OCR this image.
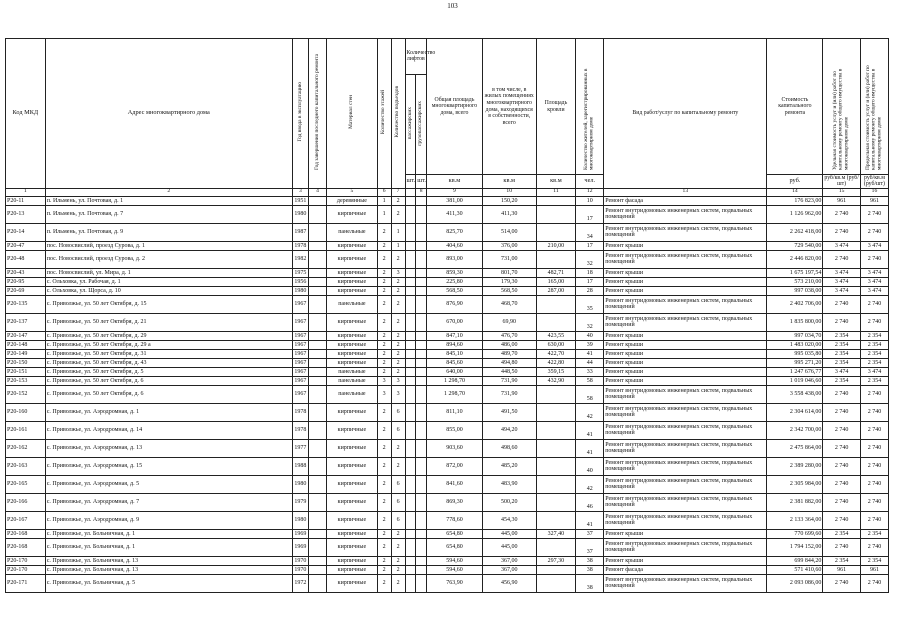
103
Код МКД	Адрес многоквартирного дома	Год ввода в эксплуатацию	Год завершения последнего капитального ремонта	Материал стен	Количество этажей	Количество подъездов	Количество лифтов		Общая площадь многоквартирного дома, всего	в том числе, в жилых помещениях многоквартирного дома, находящихся в собственности, всего	Площадь кровли	Количество жителей, зарегистрированных в многоквартирном доме	Вид работ/услуг по капитальному ремонту	Стоимость капитального ремонта	Удельная стоимость услуг и (или) работ по капитальному ремонту общего имущества в многоквартирном доме	Предельная стоимость услуг и (или) работ по капитальному ремонту общего имущества в многоквартирном доме
							пассажирских	грузопассажирских								
							шт.	шт.	кв.м	кв.м	кв.м	чел.		руб.	руб/кв.м (руб/шт)	руб/кв.м (руб/шт)
1	2	3	4	5	6	7		8	9	10	11	12	13	14	15	16
Р20-11	п. Ильмень, ул. Почтовая, д. 1	1951		деревянные	1	2			381,00	150,20		10	Ремонт фасада	176 823,00	961	961
Р20-13	п. Ильмень, ул. Почтовая, д. 7	1980		кирпичные	1	2			411,30	411,30		17	Ремонт внутридомовых инженерных систем, подвальных помещений	1 126 962,00	2 740	2 740
Р20-14	п. Ильмень, ул. Почтовая, д. 9	1987		панельные	2	1			825,70	514,00		34	Ремонт внутридомовых инженерных систем, подвальных помещений	2 262 418,00	2 740	2 740
Р20-47	пос. Новосвислий, проезд Сурова, д. 1	1978		кирпичные	2	1			404,60	376,00	210,00	17	Ремонт крыши	729 540,00	3 474	3 474
Р20-48	пос. Новосвислий, проезд Сурова, д. 2	1982		кирпичные	2	2			893,00	731,00		32	Ремонт внутридомовых инженерных систем, подвальных помещений	2 446 820,00	2 740	2 740
Р20-43	пос. Новосвислий, ул. Мира, д. 1	1975		кирпичные	2	3			859,30	801,70	482,71	18	Ремонт крыши	1 675 197,54	3 474	3 474
Р20-95	с. Ольховка, ул. Рабочая, д. 1	1956		кирпичные	2	2			225,80	179,30	165,00	17	Ремонт крыши	573 210,00	3 474	3 474
Р20-69	с. Ольховка, ул. Щорса, д. 10	1980		кирпичные	2	2			568,50	568,50	287,00	28	Ремонт крыши	997 038,00	3 474	3 474
Р20-135	с. Приволжье, ул. 50 лет Октября, д. 15	1967		панельные	2	2			876,90	468,70		35	Ремонт внутридомовых инженерных систем, подвальных помещений	2 402 706,00	2 740	2 740
Р20-137	с. Приволжье, ул. 50 лет Октября, д. 21	1967		кирпичные	2	2			670,00	69,90		32	Ремонт внутридомовых инженерных систем, подвальных помещений	1 835 800,00	2 740	2 740
Р20-147	с. Приволжье, ул. 50 лет Октября, д. 29	1967		кирпичные	2	2			847,10	476,70	423,55	40	Ремонт крыши	997 034,70	2 354	2 354
Р20-148	с. Приволжье, ул. 50 лет Октября, д. 29 а	1967		кирпичные	2	2			894,60	486,00	630,00	39	Ремонт крыши	1 483 020,00	2 354	2 354
Р20-149	с. Приволжье, ул. 50 лет Октября, д. 31	1967		кирпичные	2	2			845,10	489,70	422,70	41	Ремонт крыши	995 035,80	2 354	2 354
Р20-150	с. Приволжье, ул. 50 лет Октября, д. 43	1967		кирпичные	2	2			845,60	494,80	422,80	44	Ремонт крыши	995 271,20	2 354	2 354
Р20-151	с. Приволжье, ул. 50 лет Октября, д. 5	1967		панельные	2	2			640,00	448,50	359,15	33	Ремонт крыши	1 247 676,77	3 474	3 474
Р20-153	с. Приволжье, ул. 50 лет Октября, д. 6	1967		панельные	3	3			1 298,70	731,90	432,90	58	Ремонт крыши	1 019 046,60	2 354	2 354
Р20-152	с. Приволжье, ул. 50 лет Октября, д. 6	1967		панельные	3	3			1 298,70	731,90		58	Ремонт внутридомовых инженерных систем, подвальных помещений	3 558 438,00	2 740	2 740
Р20-160	с. Приволжье, ул. Аэродромная, д. 1	1978		кирпичные	2	6			811,10	491,50		42	Ремонт внутридомовых инженерных систем, подвальных помещений	2 304 614,00	2 740	2 740
Р20-161	с. Приволжье, ул. Аэродромная, д. 14	1978		кирпичные	2	6			855,00	494,20		41	Ремонт внутридомовых инженерных систем, подвальных помещений	2 342 700,00	2 740	2 740
Р20-162	с. Приволжье, ул. Аэродромная, д. 13	1977		кирпичные	2	2			903,60	498,60		41	Ремонт внутридомовых инженерных систем, подвальных помещений	2 475 864,00	2 740	2 740
Р20-163	с. Приволжье, ул. Аэродромная, д. 15	1988		кирпичные	2	2			872,00	485,20		40	Ремонт внутридомовых инженерных систем, подвальных помещений	2 389 280,00	2 740	2 740
Р20-165	с. Приволжье, ул. Аэродромная, д. 5	1980		кирпичные	2	6			841,60	483,90		42	Ремонт внутридомовых инженерных систем, подвальных помещений	2 305 984,00	2 740	2 740
Р20-166	с. Приволжье, ул. Аэродромная, д. 7	1979		кирпичные	2	6			869,30	500,20		46	Ремонт внутридомовых инженерных систем, подвальных помещений	2 381 882,00	2 740	2 740
Р20-167	с. Приволжье, ул. Аэродромная, д. 9	1980		кирпичные	2	6			778,60	454,30		41	Ремонт внутридомовых инженерных систем, подвальных помещений	2 133 364,00	2 740	2 740
Р20-168	с. Приволжье, ул. Больничная, д. 1	1969		кирпичные	2	2			654,80	445,00	327,40	37	Ремонт крыши	770 699,60	2 354	2 354
Р20-168	с. Приволжье, ул. Больничная, д. 1	1969		кирпичные	2	2			654,80	445,00		37	Ремонт внутридомовых инженерных систем, подвальных помещений	1 794 152,00	2 740	2 740
Р20-170	с. Приволжье, ул. Больничная, д. 13	1970		кирпичные	2	2			594,60	367,00	297,30	38	Ремонт крыши	699 844,20	2 354	2 354
Р20-170	с. Приволжье, ул. Больничная, д. 13	1970		кирпичные	2	2			594,60	367,00		38	Ремонт фасада	571 410,60	961	961
Р20-171	с. Приволжье, ул. Больничная, д. 5	1972		кирпичные	2	2			763,90	456,90		38	Ремонт внутридомовых инженерных систем, подвальных помещений	2 093 086,00	2 740	2 740
